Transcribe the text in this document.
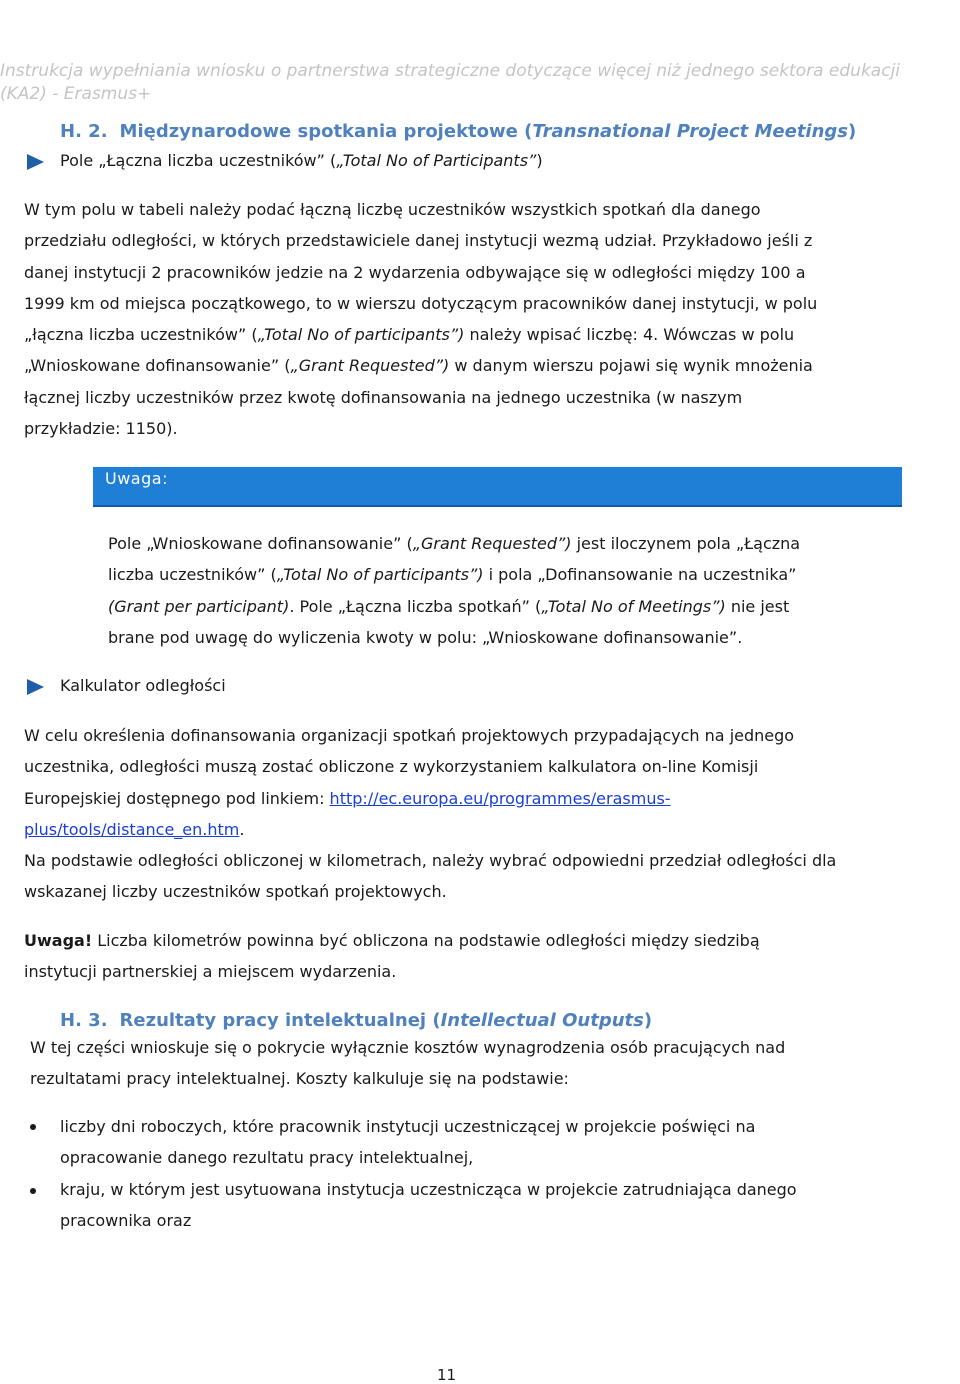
Instrukcja wypełniania wniosku o partnerstwa strategiczne dotyczące więcej niż jednego sektora edukacji
(KA2) - Erasmus+
H. 2. Międzynarodowe spotkania projektowe (Transnational Project Meetings)
Pole „Łączna liczba uczestników” („Total No of Participants”)
W tym polu w tabeli należy podać łączną liczbę uczestników wszystkich spotkań dla danego
przedziału odległości, w których przedstawiciele danej instytucji wezmą udział. Przykładowo jeśli z
danej instytucji 2 pracowników jedzie na 2 wydarzenia odbywające się w odległości między 100 a
1999 km od miejsca początkowego, to w wierszu dotyczącym pracowników danej instytucji, w polu
„łączna liczba uczestników” („Total No of participants”) należy wpisać liczbę: 4. Wówczas w polu
„Wnioskowane dofinansowanie” („Grant Requested”) w danym wierszu pojawi się wynik mnożenia
łącznej liczby uczestników przez kwotę dofinansowania na jednego uczestnika (w naszym
przykładzie: 1150).
Uwaga:
Pole „Wnioskowane dofinansowanie” („Grant Requested”) jest iloczynem pola „Łączna
liczba uczestników” („Total No of participants”) i pola „Dofinansowanie na uczestnika”
(Grant per participant). Pole „Łączna liczba spotkań” („Total No of Meetings”) nie jest
brane pod uwagę do wyliczenia kwoty w polu: „Wnioskowane dofinansowanie”.
Kalkulator odległości
W celu określenia dofinansowania organizacji spotkań projektowych przypadających na jednego
uczestnika, odległości muszą zostać obliczone z wykorzystaniem kalkulatora on-line Komisji
Europejskiej dostępnego pod linkiem: http://ec.europa.eu/programmes/erasmus-
plus/tools/distance_en.htm.
Na podstawie odległości obliczonej w kilometrach, należy wybrać odpowiedni przedział odległości dla
wskazanej liczby uczestników spotkań projektowych.
Uwaga! Liczba kilometrów powinna być obliczona na podstawie odległości między siedzibą
instytucji partnerskiej a miejscem wydarzenia.
H. 3. Rezultaty pracy intelektualnej (Intellectual Outputs)
W tej części wnioskuje się o pokrycie wyłącznie kosztów wynagrodzenia osób pracujących nad
rezultatami pracy intelektualnej. Koszty kalkuluje się na podstawie:
liczby dni roboczych, które pracownik instytucji uczestniczącej w projekcie poświęci na
opracowanie danego rezultatu pracy intelektualnej,
kraju, w którym jest usytuowana instytucja uczestnicząca w projekcie zatrudniająca danego
pracownika oraz
11
